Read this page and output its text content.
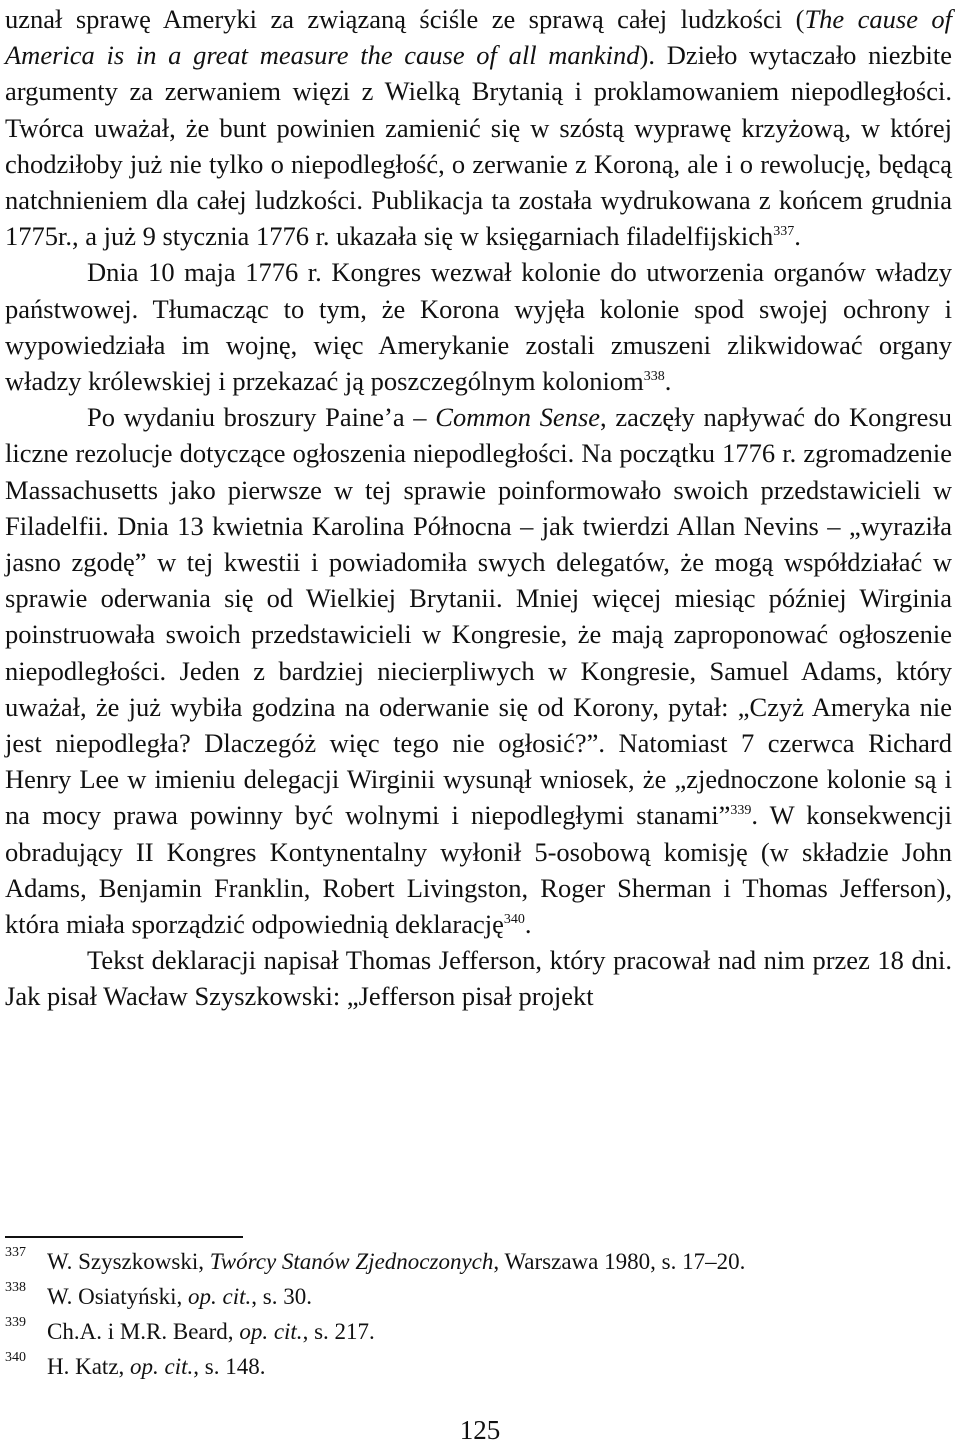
uznał sprawę Ameryki za związaną ściśle ze sprawą całej ludzkości (The cause of America is in a great measure the cause of all mankind). Dzieło wytaczało niezbite argumenty za zerwaniem więzi z Wielką Brytanią i proklamowaniem niepodległości. Twórca uważał, że bunt powinien zamienić się w szóstą wyprawę krzyżową, w której chodziłoby już nie tylko o niepodległość, o zerwanie z Koroną, ale i o rewolucję, będącą natchnieniem dla całej ludzkości. Publikacja ta została wydrukowana z końcem grudnia 1775r., a już 9 stycznia 1776 r. ukazała się w księgarniach filadelfijskich$^{337}$.

Dnia 10 maja 1776 r. Kongres wezwał kolonie do utworzenia organów władzy państwowej. Tłumacząc to tym, że Korona wyjęła kolonie spod swojej ochrony i wypowiedziała im wojnę, więc Amerykanie zostali zmuszeni zlikwidować organy władzy królewskiej i przekazać ją poszczególnym koloniom$^{338}$.

Po wydaniu broszury Paine’a – Common Sense, zaczęły napływać do Kongresu liczne rezolucje dotyczące ogłoszenia niepodległości. Na początku 1776 r. zgromadzenie Massachusetts jako pierwsze w tej sprawie poinformowało swoich przedstawicieli w Filadelfii. Dnia 13 kwietnia Karolina Północna – jak twierdzi Allan Nevins – „wyraziła jasno zgodę” w tej kwestii i powiadomiła swych delegatów, że mogą współdziałać w sprawie oderwania się od Wielkiej Brytanii. Mniej więcej miesiąc później Wirginia poinstruowała swoich przedstawicieli w Kongresie, że mają zaproponować ogłoszenie niepodległości. Jeden z bardziej niecierpliwych w Kongresie, Samuel Adams, który uważał, że już wybiła godzina na oderwanie się od Korony, pytał: „Czyż Ameryka nie jest niepodległa? Dlaczegóż więc tego nie ogłosić?”. Natomiast 7 czerwca Richard Henry Lee w imieniu delegacji Wirginii wysunął wniosek, że „zjednoczone kolonie są i na mocy prawa powinny być wolnymi i niepodległymi stanami”$^{339}$. W konsekwencji obradujący II Kongres Kontynentalny wyłonił 5-osobową komisję (w składzie John Adams, Benjamin Franklin, Robert Livingston, Roger Sherman i Thomas Jefferson), która miała sporządzić odpowiednią deklarację$^{340}$.

Tekst deklaracji napisał Thomas Jefferson, który pracował nad nim przez 18 dni. Jak pisał Wacław Szyszkowski: „Jefferson pisał projekt

337 W. Szyszkowski, Twórcy Stanów Zjednoczonych, Warszawa 1980, s. 17–20.
338 W. Osiatyński, op. cit., s. 30.
339 Ch.A. i M.R. Beard, op. cit., s. 217.
340 H. Katz, op. cit., s. 148.
125
